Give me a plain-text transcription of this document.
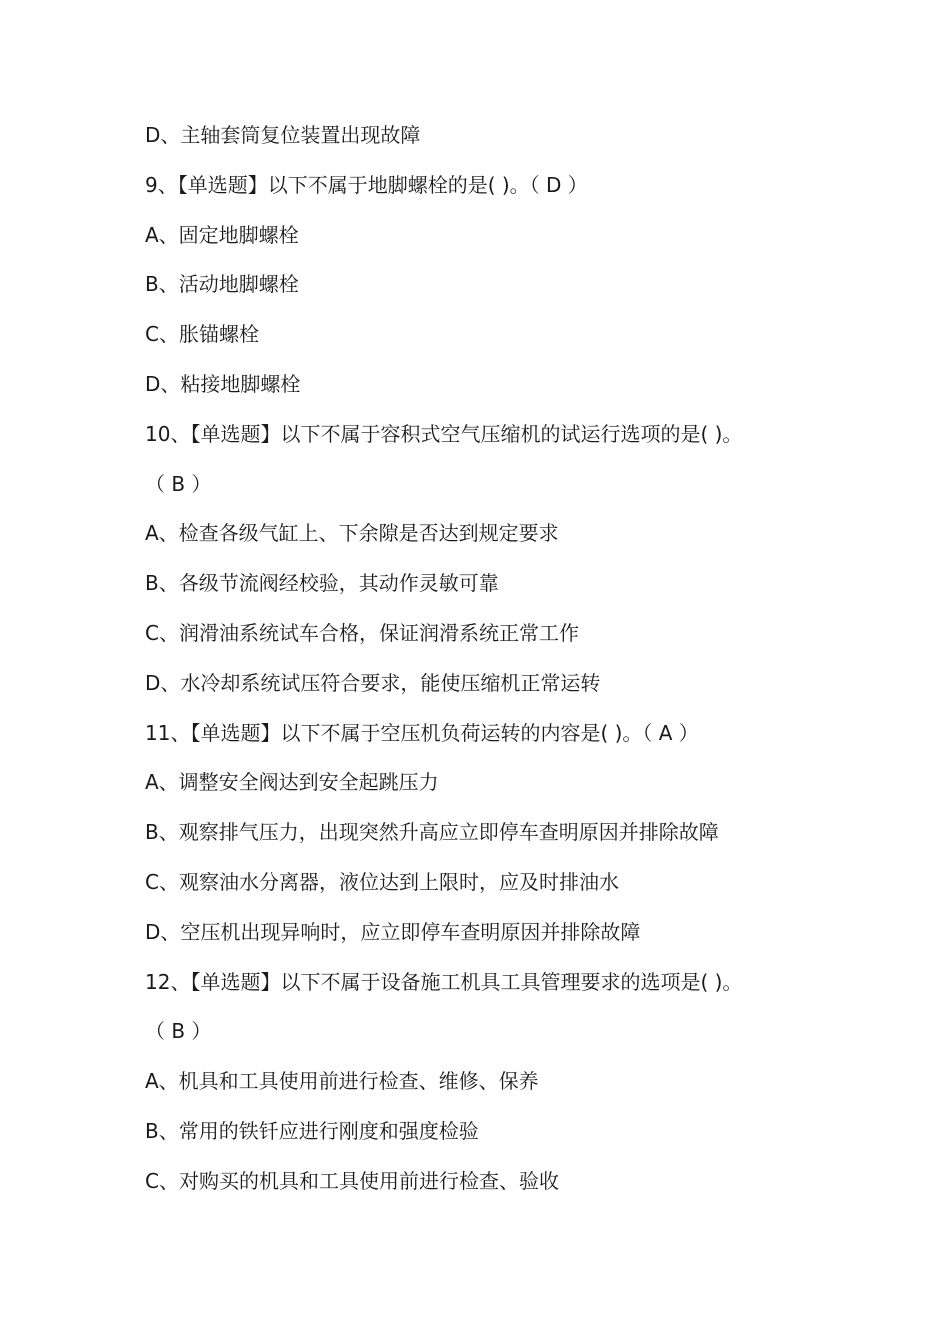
D、主轴套筒复位装置出现故障
9、【单选题】以下不属于地脚螺栓的是( )。（ D ）
A、固定地脚螺栓
B、活动地脚螺栓
C、胀锚螺栓
D、粘接地脚螺栓
10、【单选题】以下不属于容积式空气压缩机的试运行选项的是( )。
（ B ）
A、检查各级气缸上、下余隙是否达到规定要求
B、各级节流阀经校验，其动作灵敏可靠
C、润滑油系统试车合格，保证润滑系统正常工作
D、水冷却系统试压符合要求，能使压缩机正常运转
11、【单选题】以下不属于空压机负荷运转的内容是( )。（ A ）
A、调整安全阀达到安全起跳压力
B、观察排气压力，出现突然升高应立即停车查明原因并排除故障
C、观察油水分离器，液位达到上限时，应及时排油水
D、空压机出现异响时，应立即停车查明原因并排除故障
12、【单选题】以下不属于设备施工机具工具管理要求的选项是( )。
（ B ）
A、机具和工具使用前进行检查、维修、保养
B、常用的铁钎应进行刚度和强度检验
C、对购买的机具和工具使用前进行检查、验收
